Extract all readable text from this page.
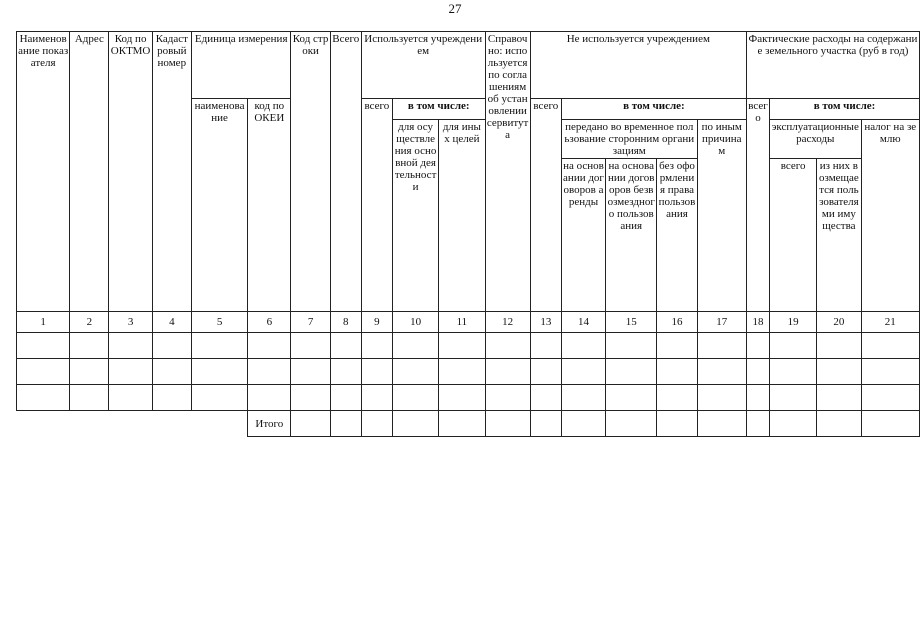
27
Наименование показателя	Адрес	Код по ОКТМО	Кадастровый номер	Единица измерения		Код строки	Всего	Используется учреждением			Справочно: используется по соглашениям об установлении сервитута	Не используется учреждением					Фактические расходы на содержание земельного участка (руб в год)			
				наименование	код по ОКЕИ			всего	в том числе:			всего	в том числе:				всего	в том числе:		
									для осуществления основной деятельности	для иных целей			передано во временное пользование сторонним организациям			по иным причинам		эксплуатационные расходы		налог на землю
													на основании договоров аренды	на основании договоров безвозмездного пользования	без оформления права пользования			всего	из них возмещается пользователями имущества	
1	2	3	4	5	6	7	8	9	10	11	12	13	14	15	16	17	18	19	20	21

					Итого															
